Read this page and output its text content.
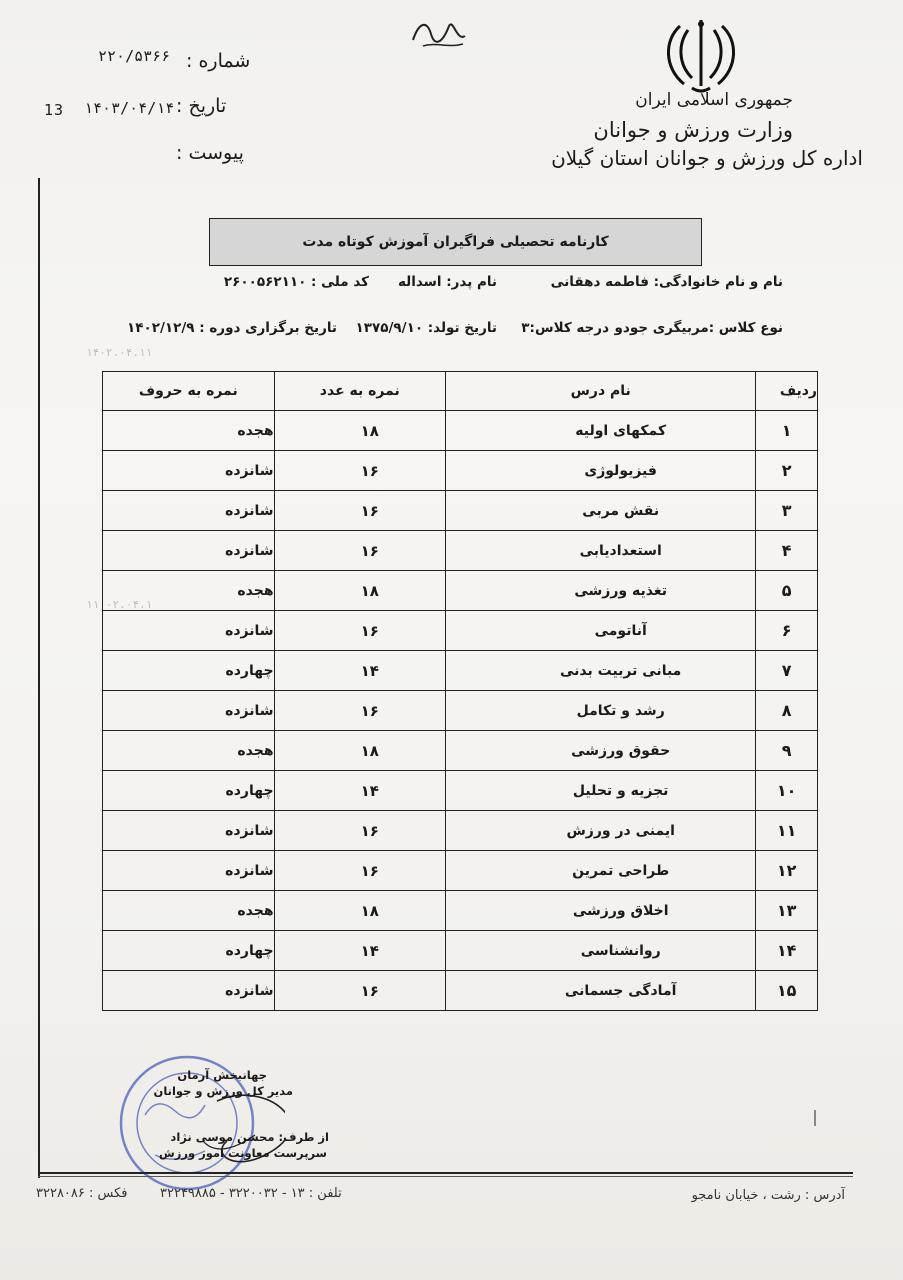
جمهوری اسلامی ایران
وزارت ورزش و جوانان
اداره کل ورزش و جوانان استان گیلان
شماره :
۲۲۰/۵۳۶۶
تاریخ :
۱۴۰۳/۰۴/۱۴
13
پیوست :
کارنامه تحصیلی فراگیران آموزش کوتاه مدت
نام و نام خانوادگی: فاطمه دهقانی
نام پدر: اسداله
کد ملی : ۲۶۰۰۵۶۲۱۱۰
نوع کلاس :مربیگری جودو
درجه کلاس:۳
تاریخ تولد: ۱۳۷۵/۹/۱۰
تاریخ برگزاری دوره : ۱۴۰۲/۱۲/۹
۱۴۰۲.۰۴.۱۱
۱۱ ۰۲.۰۴.۱
ردیف	نام درس	نمره به عدد	نمره به حروف
۱	کمکهای اولیه	۱۸	هجده
۲	فیزیولوژی	۱۶	شانزده
۳	نقش مربی	۱۶	شانزده
۴	استعدادیابی	۱۶	شانزده
۵	تغذیه ورزشی	۱۸	هجده
۶	آناتومی	۱۶	شانزده
۷	مبانی تربیت بدنی	۱۴	چهارده
۸	رشد و تکامل	۱۶	شانزده
۹	حقوق ورزشی	۱۸	هجده
۱۰	تجزیه و تحلیل	۱۴	چهارده
۱۱	ایمنی در ورزش	۱۶	شانزده
۱۲	طراحی تمرین	۱۶	شانزده
۱۳	اخلاق ورزشی	۱۸	هجده
۱۴	روانشناسی	۱۴	چهارده
۱۵	آمادگی جسمانی	۱۶	شانزده
جهانبخش آرمان
مدیر کل ورزش و جوانان
از طرف: محسن موسی نژاد
سرپرست معاونت امور ورزش
آدرس : رشت ، خیابان نامجو
تلفن : ۱۳ - ۳۲۲۰۰۳۲ - ۳۲۲۴۹۸۸۵
فکس : ۳۲۲۸۰۸۶
